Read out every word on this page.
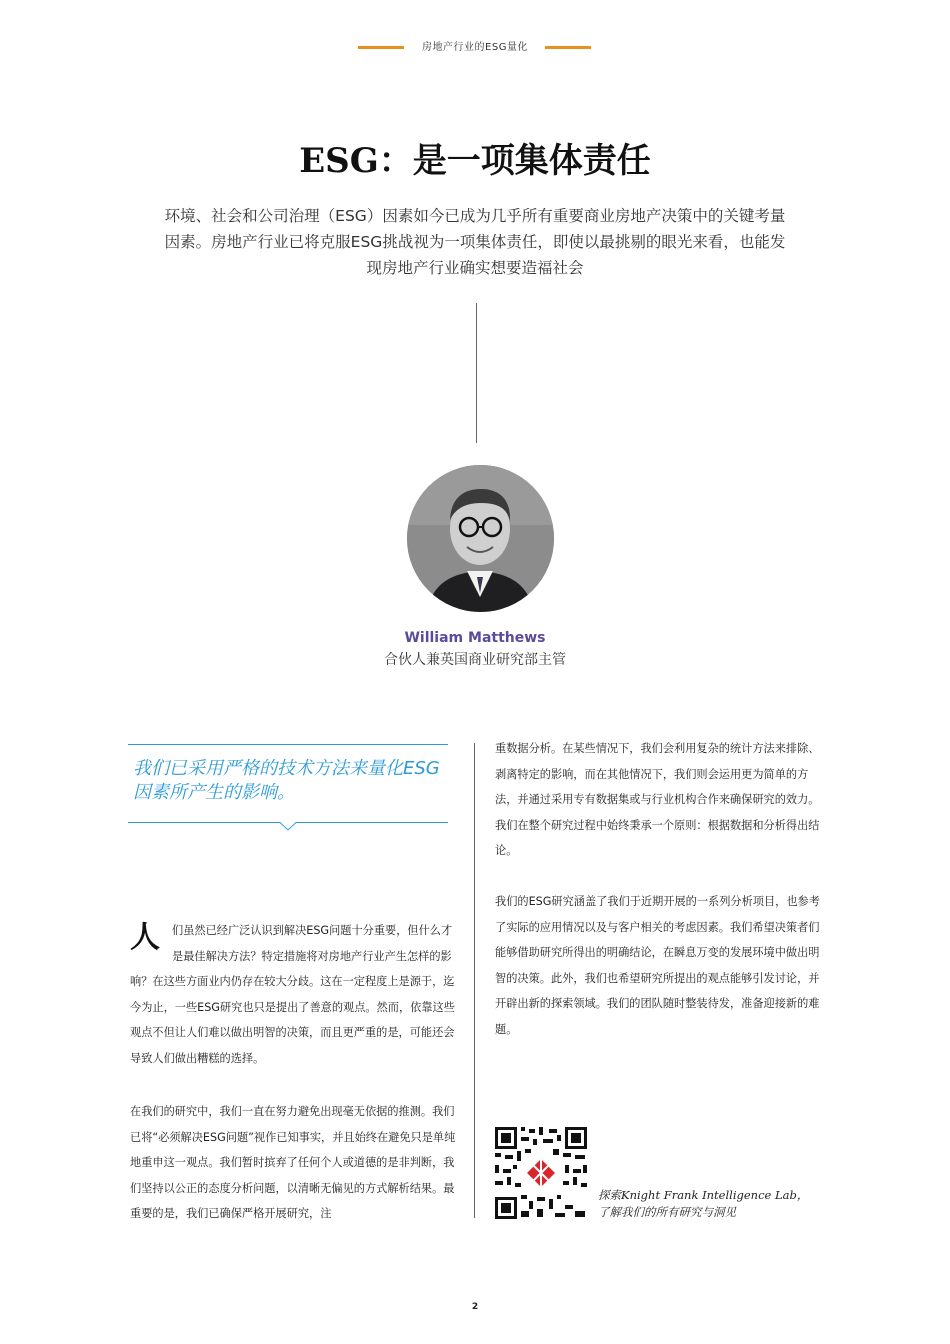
房地产行业的ESG量化
ESG：是一项集体责任

环境、社会和公司治理（ESG）因素如今已成为几乎所有重要商业房地产决策中的关键考量因素。房地产行业已将克服ESG挑战视为一项集体责任，即使以最挑剔的眼光来看，也能发现房地产行业确实想要造福社会

William Matthews
合伙人兼英国商业研究部主管
我们已采用严格的技术方法来量化ESG因素所产生的影响。
人 们虽然已经广泛认识到解决ESG问题十分重要，但什么才是最佳解决方法？特定措施将对房地产行业产生怎样的影响？在这些方面业内仍存在较大分歧。这在一定程度上是源于，迄今为止，一些ESG研究也只是提出了善意的观点。然而，依靠这些观点不但让人们难以做出明智的决策，而且更严重的是，可能还会导致人们做出糟糕的选择。
在我们的研究中，我们一直在努力避免出现毫无依据的推测。我们已将“必须解决ESG问题”视作已知事实，并且始终在避免只是单纯地重申这一观点。我们暂时摈弃了任何个人或道德的是非判断，我们坚持以公正的态度分析问题，以清晰无偏见的方式解析结果。最重要的是，我们已确保严格开展研究，注
重数据分析。在某些情况下，我们会利用复杂的统计方法来排除、剥离特定的影响，而在其他情况下，我们则会运用更为简单的方法，并通过采用专有数据集或与行业机构合作来确保研究的效力。我们在整个研究过程中始终秉承一个原则：根据数据和分析得出结论。
我们的ESG研究涵盖了我们于近期开展的一系列分析项目，也参考了实际的应用情况以及与客户相关的考虑因素。我们希望决策者们能够借助研究所得出的明确结论，在瞬息万变的发展环境中做出明智的决策。此外，我们也希望研究所提出的观点能够引发讨论，并开辟出新的探索领域。我们的团队随时整装待发，准备迎接新的难题。
探索Knight Frank Intelligence Lab，
了解我们的所有研究与洞见
2
